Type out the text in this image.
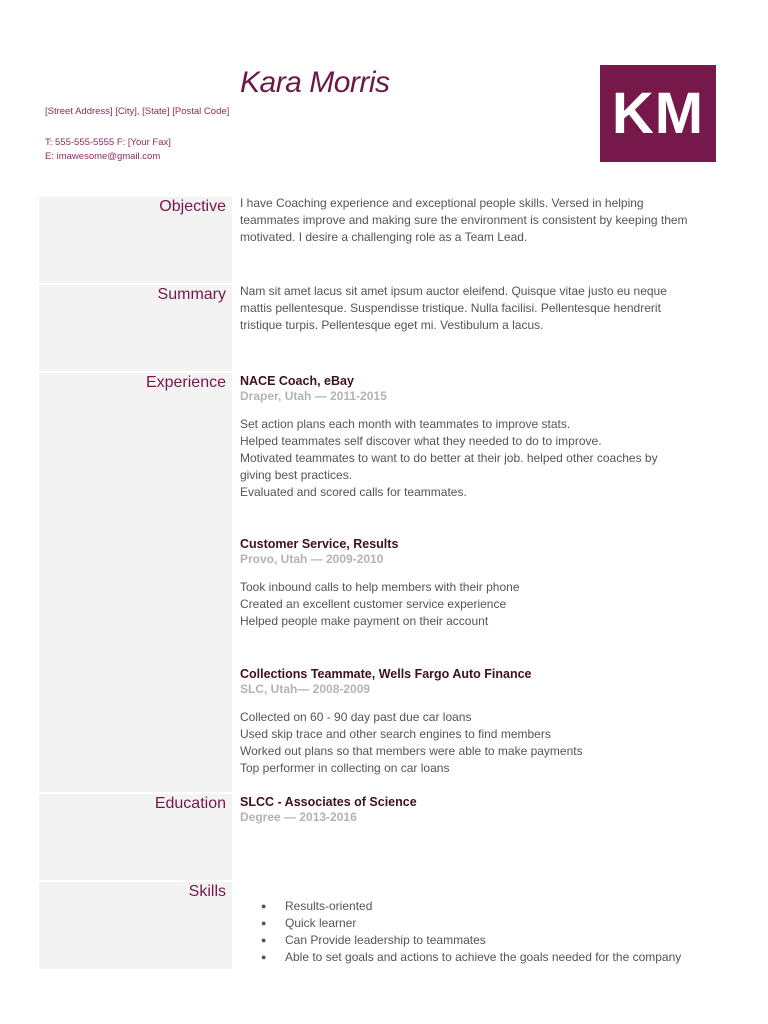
Kara Morris
[Street Address] [City], [State] [Postal Code]
T: 555-555-5555 F: [Your Fax]
E: imawesome@gmail.com
KM
Objective I have Coaching experience and exceptional people skills. Versed in helping
teammates improve and making sure the environment is consistent by keeping them
motivated. I desire a challenging role as a Team Lead.
Summary Nam sit amet lacus sit amet ipsum auctor eleifend. Quisque vitae justo eu neque
mattis pellentesque. Suspendisse tristique. Nulla facilisi. Pellentesque hendrerit
tristique turpis. Pellentesque eget mi. Vestibulum a lacus.
Experience NACE Coach, eBay
Draper, Utah — 2011-2015
Set action plans each month with teammates to improve stats.
Helped teammates self discover what they needed to do to improve.
Motivated teammates to want to do better at their job. helped other coaches by
giving best practices.
Evaluated and scored calls for teammates.
Customer Service, Results
Provo, Utah — 2009-2010
Took inbound calls to help members with their phone
Created an excellent customer service experience
Helped people make payment on their account
Collections Teammate, Wells Fargo Auto Finance
SLC, Utah— 2008-2009
Collected on 60 - 90 day past due car loans
Used skip trace and other search engines to find members
Worked out plans so that members were able to make payments
Top performer in collecting on car loans
Education SLCC - Associates of Science
Degree — 2013-2016
Skills
● Results-oriented
● Quick learner
● Can Provide leadership to teammates
● Able to set goals and actions to achieve the goals needed for the company
